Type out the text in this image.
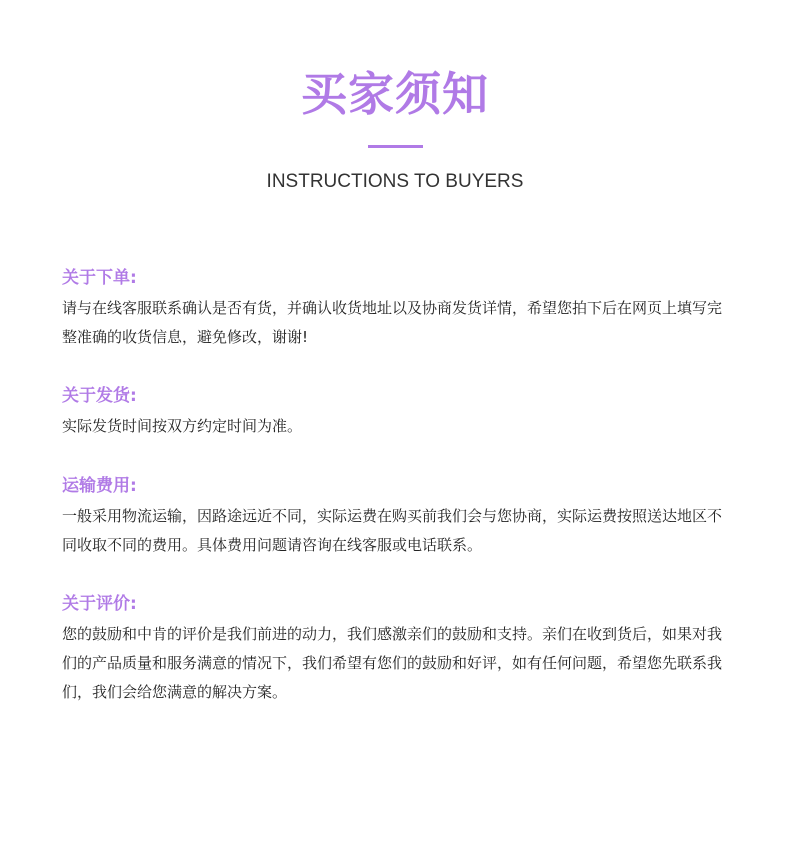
买家须知

INSTRUCTIONS TO BUYERS

关于下单:

请与在线客服联系确认是否有货，并确认收货地址以及协商发货详情，希望您拍下后在网页上填写完整准确的收货信息，避免修改，谢谢!

关于发货:

实际发货时间按双方约定时间为准。

运输费用:

一般采用物流运输，因路途远近不同，实际运费在购买前我们会与您协商，实际运费按照送达地区不同收取不同的费用。具体费用问题请咨询在线客服或电话联系。

关于评价:

您的鼓励和中肯的评价是我们前进的动力，我们感激亲们的鼓励和支持。亲们在收到货后，如果对我们的产品质量和服务满意的情况下，我们希望有您们的鼓励和好评，如有任何问题，希望您先联系我们，我们会给您满意的解决方案。
